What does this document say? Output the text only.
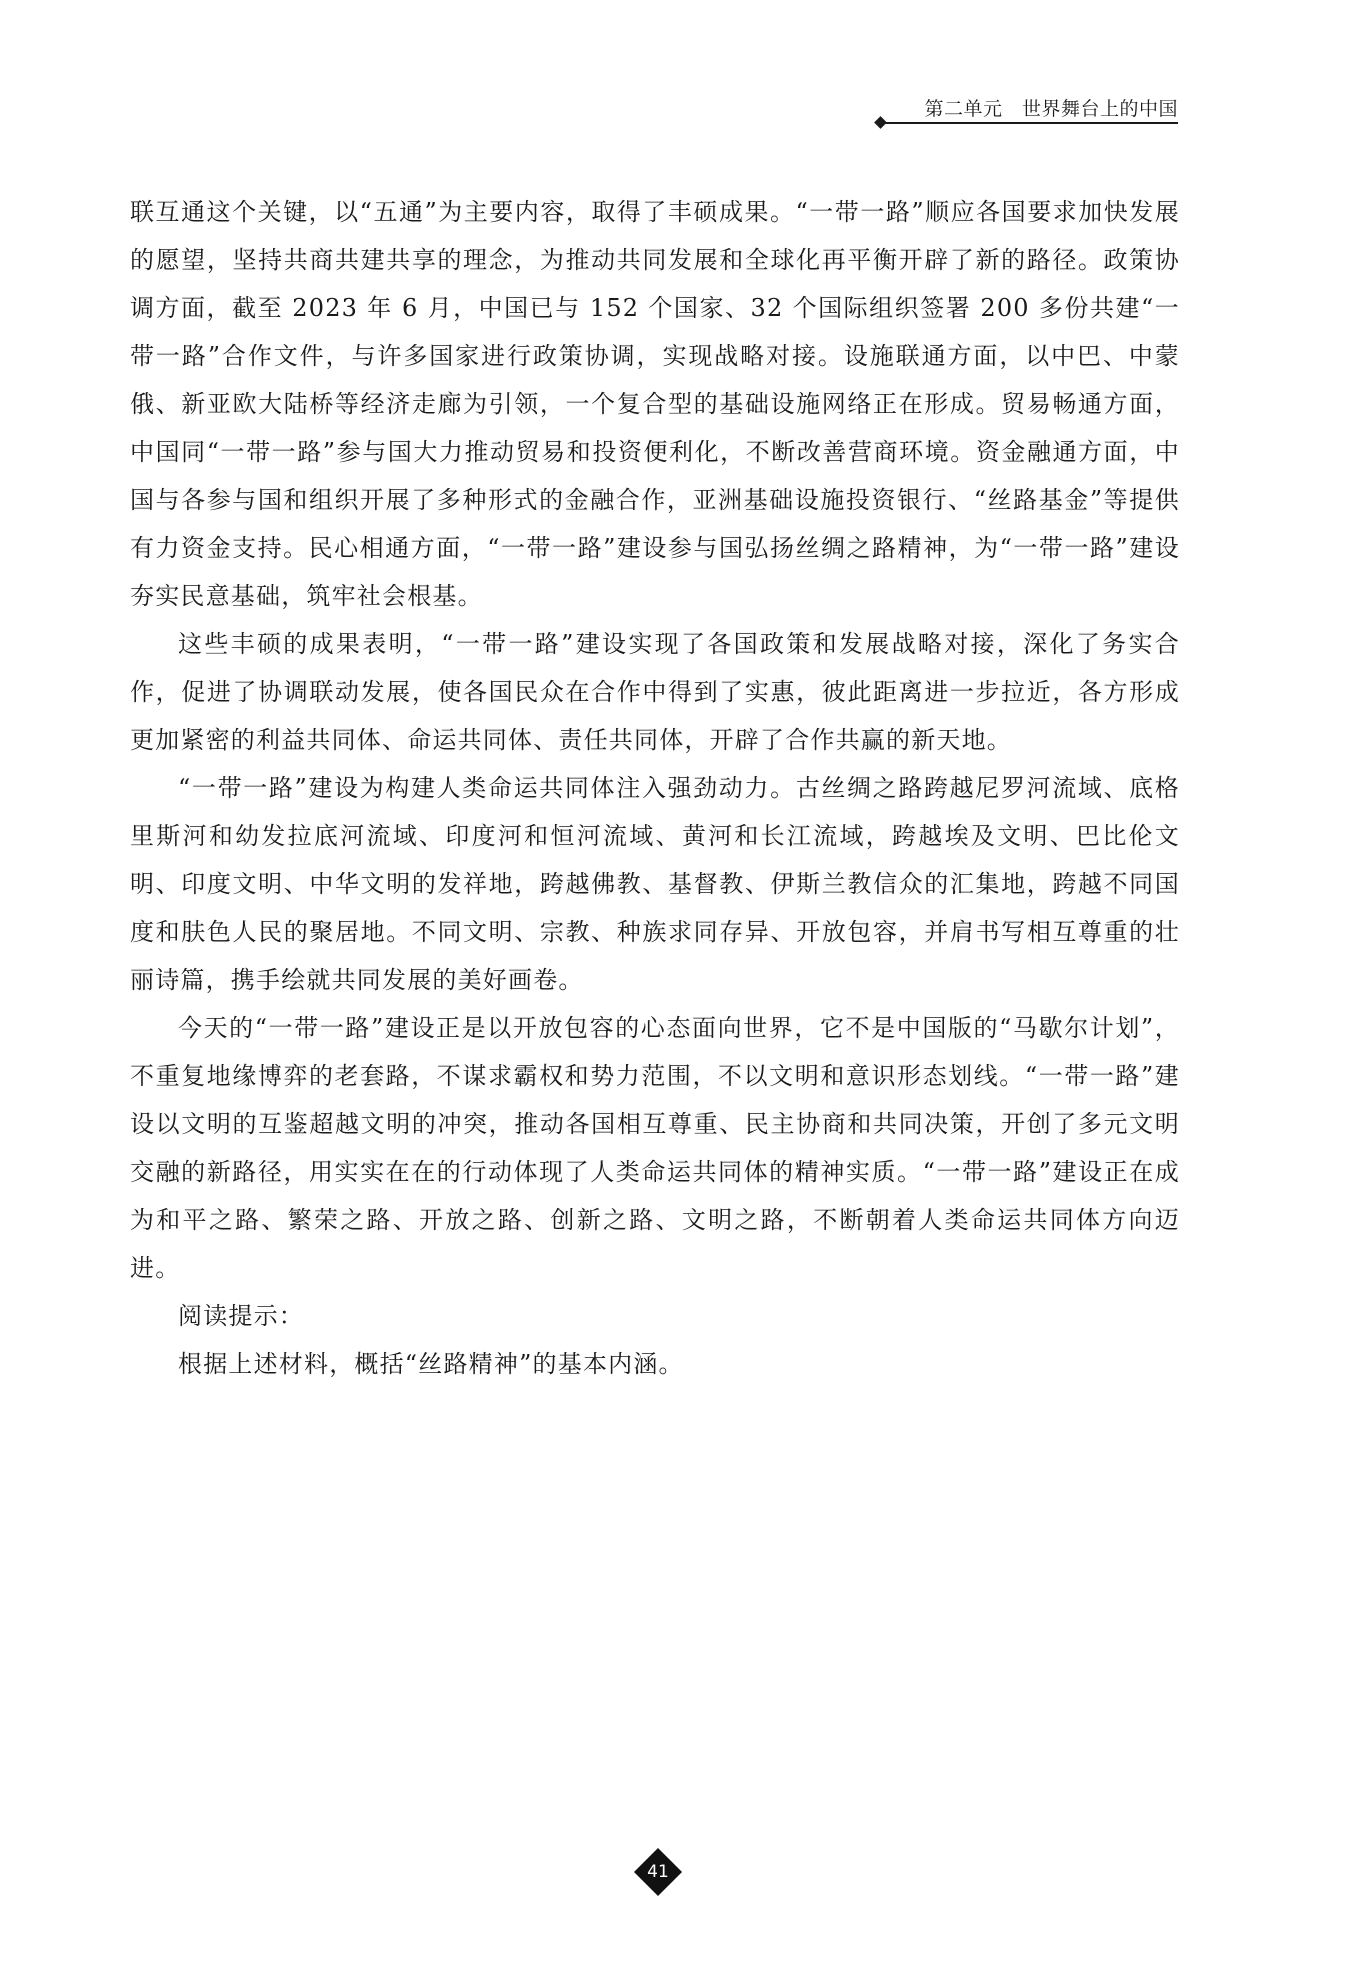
第二单元　世界舞台上的中国

联互通这个关键，以“五通”为主要内容，取得了丰硕成果。“一带一路”顺应各国要求加快发展的愿望，坚持共商共建共享的理念，为推动共同发展和全球化再平衡开辟了新的路径。政策协调方面，截至 2023 年 6 月，中国已与 152 个国家、32 个国际组织签署 200 多份共建“一带一路”合作文件，与许多国家进行政策协调，实现战略对接。设施联通方面，以中巴、中蒙俄、新亚欧大陆桥等经济走廊为引领，一个复合型的基础设施网络正在形成。贸易畅通方面，中国同“一带一路”参与国大力推动贸易和投资便利化，不断改善营商环境。资金融通方面，中国与各参与国和组织开展了多种形式的金融合作，亚洲基础设施投资银行、“丝路基金”等提供有力资金支持。民心相通方面，“一带一路”建设参与国弘扬丝绸之路精神，为“一带一路”建设夯实民意基础，筑牢社会根基。

这些丰硕的成果表明，“一带一路”建设实现了各国政策和发展战略对接，深化了务实合作，促进了协调联动发展，使各国民众在合作中得到了实惠，彼此距离进一步拉近，各方形成更加紧密的利益共同体、命运共同体、责任共同体，开辟了合作共赢的新天地。

“一带一路”建设为构建人类命运共同体注入强劲动力。古丝绸之路跨越尼罗河流域、底格里斯河和幼发拉底河流域、印度河和恒河流域、黄河和长江流域，跨越埃及文明、巴比伦文明、印度文明、中华文明的发祥地，跨越佛教、基督教、伊斯兰教信众的汇集地，跨越不同国度和肤色人民的聚居地。不同文明、宗教、种族求同存异、开放包容，并肩书写相互尊重的壮丽诗篇，携手绘就共同发展的美好画卷。

今天的“一带一路”建设正是以开放包容的心态面向世界，它不是中国版的“马歇尔计划”，不重复地缘博弈的老套路，不谋求霸权和势力范围，不以文明和意识形态划线。“一带一路”建设以文明的互鉴超越文明的冲突，推动各国相互尊重、民主协商和共同决策，开创了多元文明交融的新路径，用实实在在的行动体现了人类命运共同体的精神实质。“一带一路”建设正在成为和平之路、繁荣之路、开放之路、创新之路、文明之路，不断朝着人类命运共同体方向迈进。

阅读提示：

根据上述材料，概括“丝路精神”的基本内涵。

41
